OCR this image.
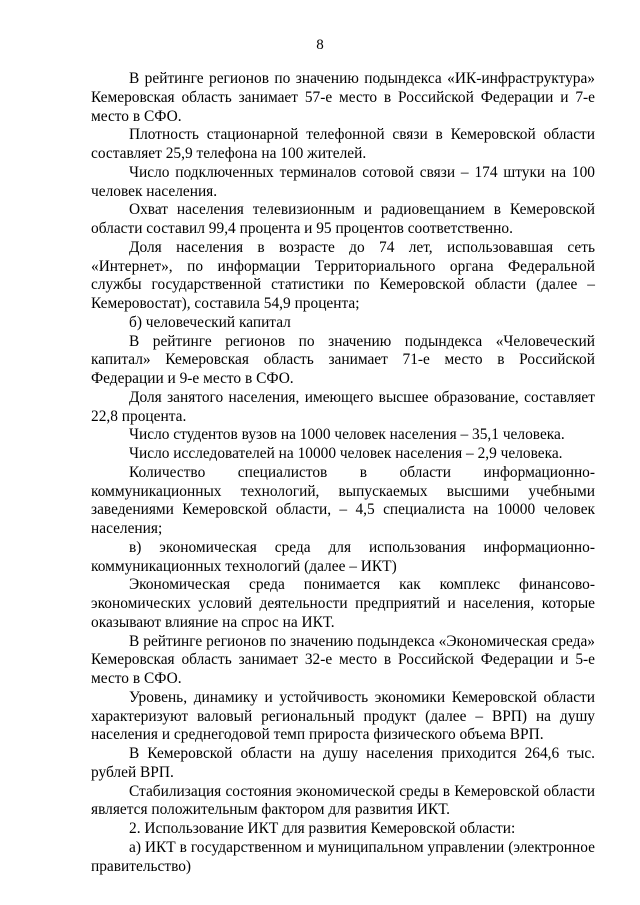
8

В рейтинге регионов по значению подындекса «ИК-инфраструктура» Кемеровская область занимает 57-е место в Российской Федерации и 7-е место в СФО.

Плотность стационарной телефонной связи в Кемеровской области составляет 25,9 телефона на 100 жителей.

Число подключенных терминалов сотовой связи – 174 штуки на 100 человек населения.

Охват населения телевизионным и радиовещанием в Кемеровской области составил 99,4 процента и 95 процентов соответственно.

Доля населения в возрасте до 74 лет, использовавшая сеть «Интернет», по информации Территориального органа Федеральной службы государственной статистики по Кемеровской области (далее – Кемеровостат), составила 54,9 процента;

б) человеческий капитал

В рейтинге регионов по значению подындекса «Человеческий капитал» Кемеровская область занимает 71-е место в Российской Федерации и 9-е место в СФО.

Доля занятого населения, имеющего высшее образование, составляет 22,8 процента.

Число студентов вузов на 1000 человек населения – 35,1 человека.

Число исследователей на 10000 человек населения – 2,9 человека.

Количество специалистов в области информационно-коммуникационных технологий, выпускаемых высшими учебными заведениями Кемеровской области, – 4,5 специалиста на 10000 человек населения;

в) экономическая среда для использования информационно-коммуникационных технологий (далее – ИКТ)

Экономическая среда понимается как комплекс финансово-экономических условий деятельности предприятий и населения, которые оказывают влияние на спрос на ИКТ.

В рейтинге регионов по значению подындекса «Экономическая среда» Кемеровская область занимает 32-е место в Российской Федерации и 5-е место в СФО.

Уровень, динамику и устойчивость экономики Кемеровской области характеризуют валовый региональный продукт (далее – ВРП) на душу населения и среднегодовой темп прироста физического объема ВРП.

В Кемеровской области на душу населения приходится 264,6 тыс. рублей ВРП.

Стабилизация состояния экономической среды в Кемеровской области является положительным фактором для развития ИКТ.

2. Использование ИКТ для развития Кемеровской области:

а) ИКТ в государственном и муниципальном управлении (электронное правительство)
